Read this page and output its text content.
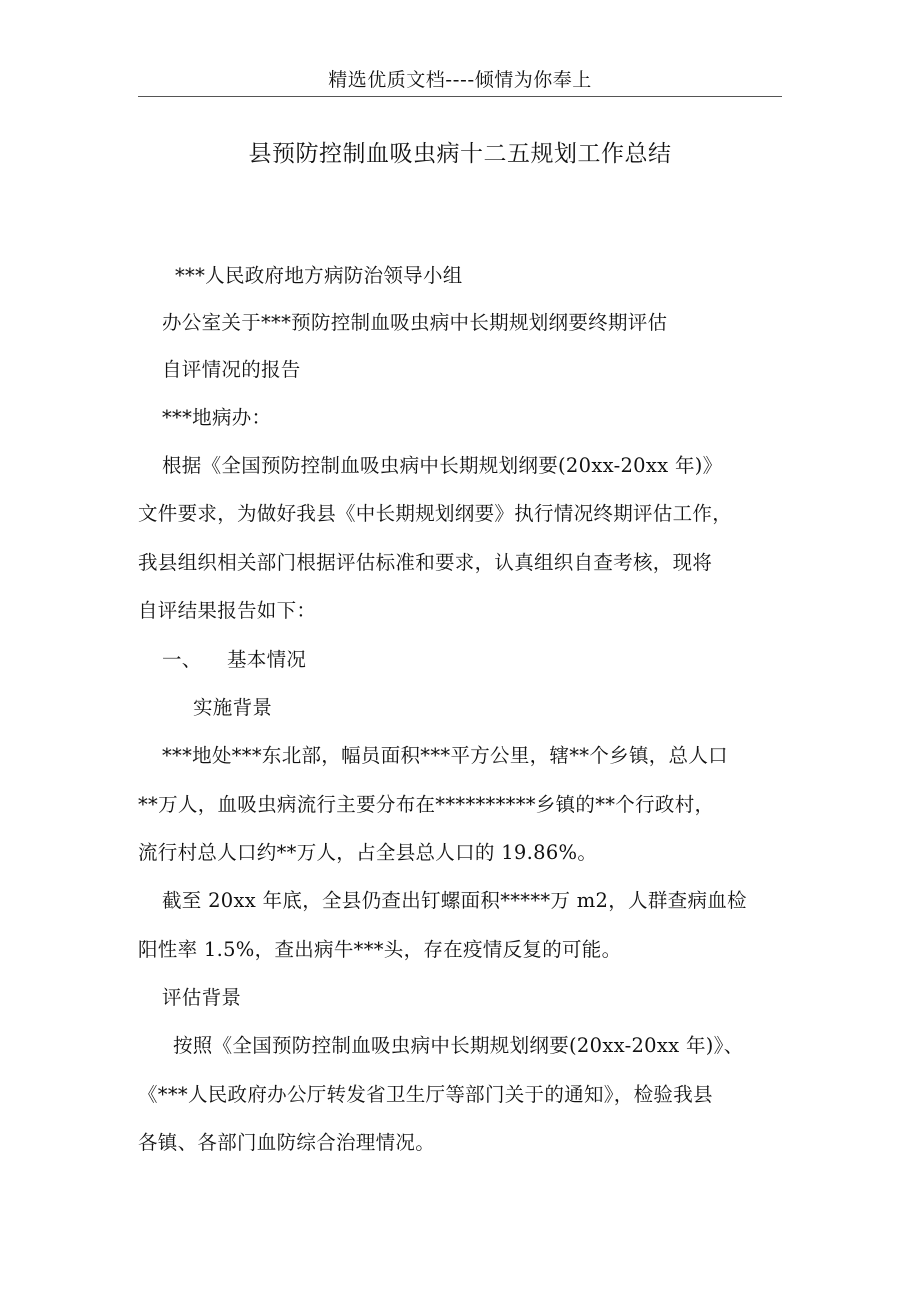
精选优质文档----倾情为你奉上
县预防控制血吸虫病十二五规划工作总结
***人民政府地方病防治领导小组
办公室关于***预防控制血吸虫病中长期规划纲要终期评估
自评情况的报告
***地病办：
根据《全国预防控制血吸虫病中长期规划纲要(20xx-20xx 年)》
文件要求，为做好我县《中长期规划纲要》执行情况终期评估工作，
我县组织相关部门根据评估标准和要求，认真组织自查考核，现将
自评结果报告如下：
一、 基本情况
实施背景
***地处***东北部，幅员面积***平方公里，辖**个乡镇，总人口
**万人，血吸虫病流行主要分布在**********乡镇的**个行政村，
流行村总人口约**万人，占全县总人口的 19.86%。
截至 20xx 年底，全县仍查出钉螺面积*****万 m2，人群查病血检
阳性率 1.5%，查出病牛***头，存在疫情反复的可能。
评估背景
按照《全国预防控制血吸虫病中长期规划纲要(20xx-20xx 年)》、
《***人民政府办公厅转发省卫生厅等部门关于的通知》，检验我县
各镇、各部门血防综合治理情况。
